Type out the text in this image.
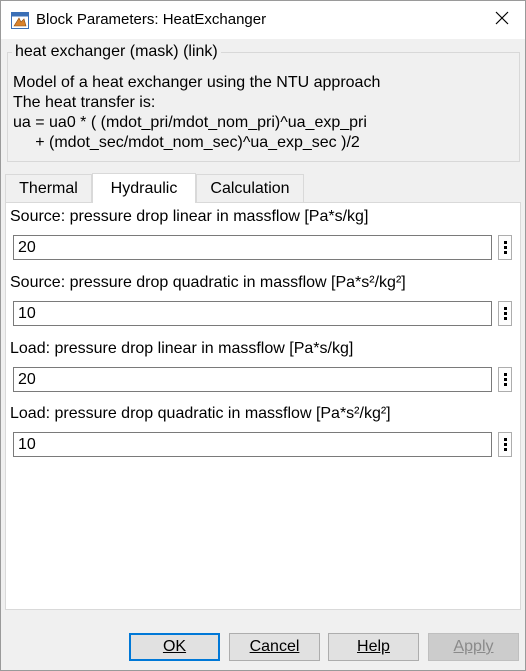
Block Parameters: HeatExchanger
heat exchanger (mask) (link)
Model of a heat exchanger using the NTU approach
The heat transfer is:
ua = ua0 * ( (mdot_pri/mdot_nom_pri)^ua_exp_pri
+ (mdot_sec/mdot_nom_sec)^ua_exp_sec )/2
Thermal	Hydraulic	Calculation
Source: pressure drop linear in massflow [Pa*s/kg]
20
Source: pressure drop quadratic in massflow [Pa*s²/kg²]
10
Load: pressure drop linear in massflow [Pa*s/kg]
20
Load: pressure drop quadratic in massflow [Pa*s²/kg²]
10
OK	Cancel	Help	Apply
